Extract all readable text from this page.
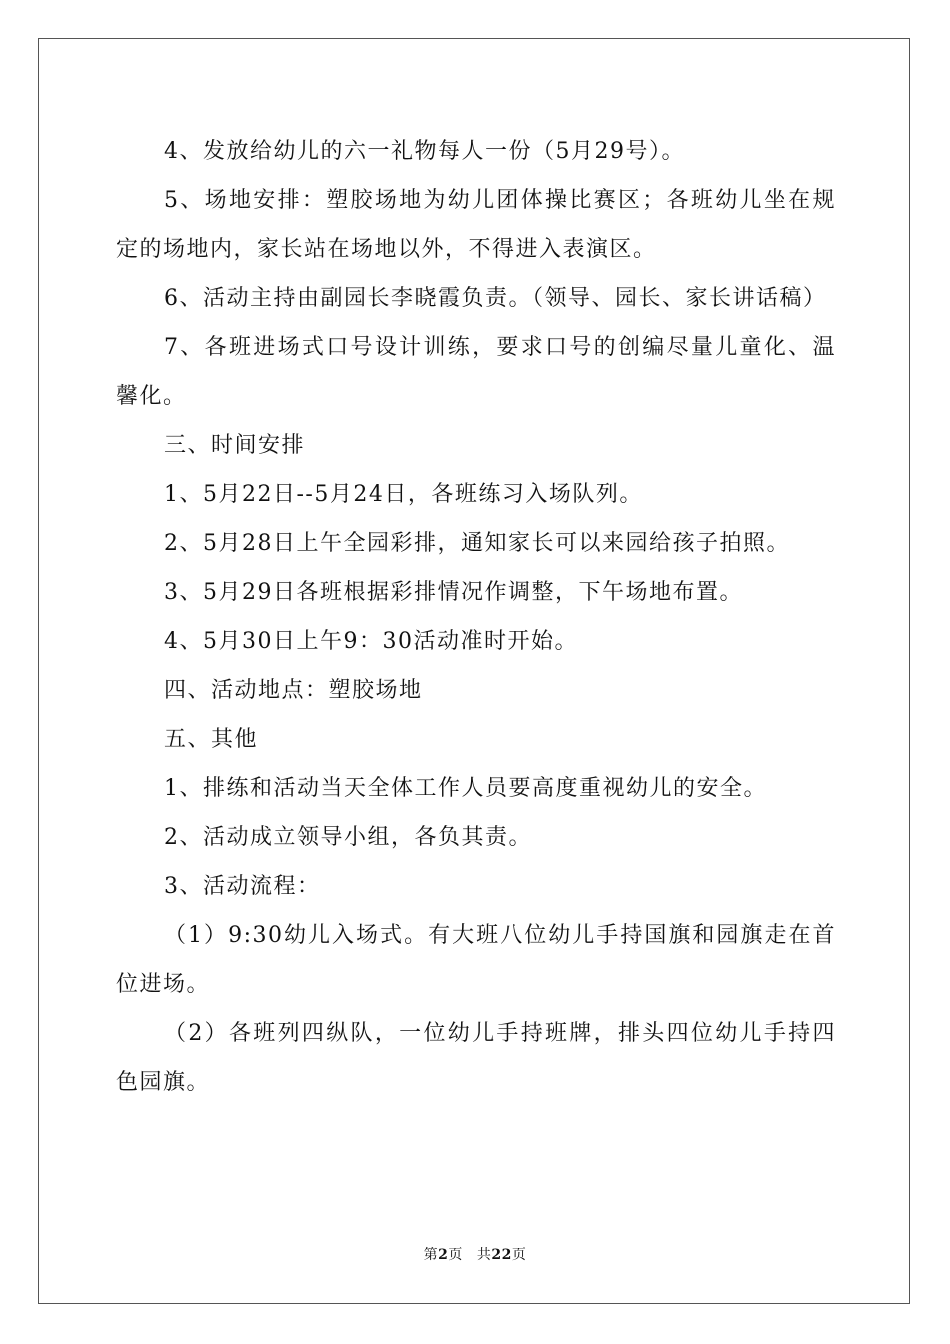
4、发放给幼儿的六一礼物每人一份（5月29号）。

5、场地安排：塑胶场地为幼儿团体操比赛区；各班幼儿坐在规定的场地内，家长站在场地以外，不得进入表演区。

6、活动主持由副园长李晓霞负责。（领导、园长、家长讲话稿）

7、各班进场式口号设计训练，要求口号的创编尽量儿童化、温馨化。

三、时间安排

1、5月22日--5月24日，各班练习入场队列。

2、5月28日上午全园彩排，通知家长可以来园给孩子拍照。

3、5月29日各班根据彩排情况作调整，下午场地布置。

4、5月30日上午9：30活动准时开始。

四、活动地点：塑胶场地

五、其他

1、排练和活动当天全体工作人员要高度重视幼儿的安全。

2、活动成立领导小组，各负其责。

3、活动流程：

（1）9:30幼儿入场式。有大班八位幼儿手持国旗和园旗走在首位进场。

（2）各班列四纵队，一位幼儿手持班牌，排头四位幼儿手持四色园旗。

第2页 共22页
